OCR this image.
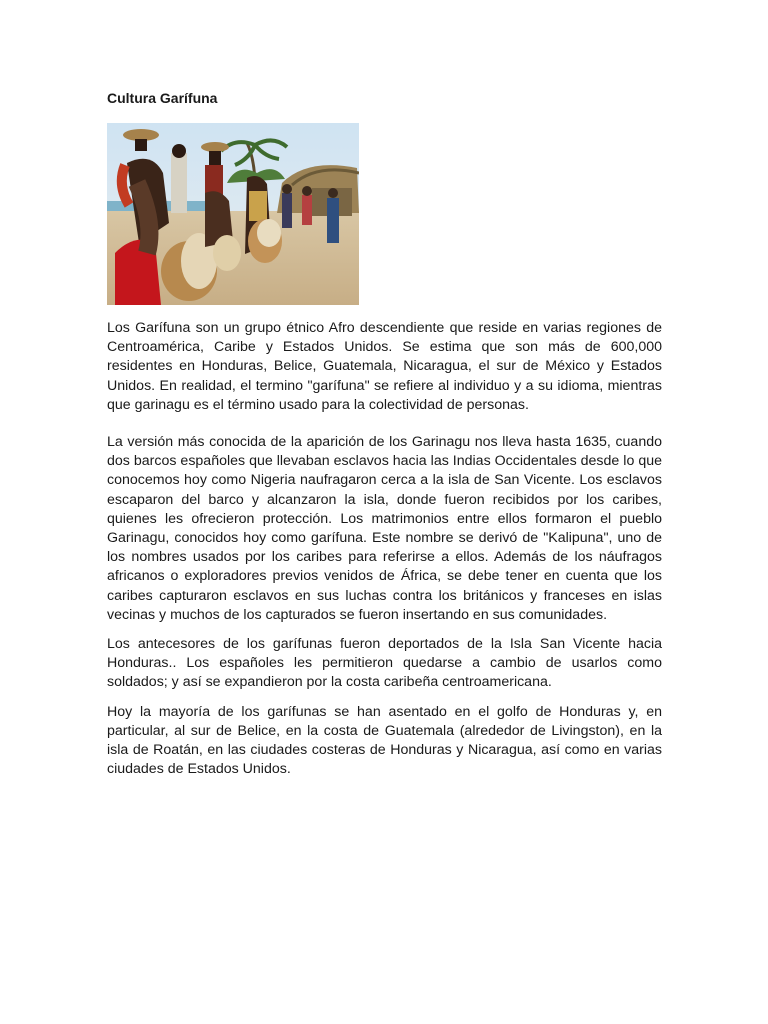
Cultura Garífuna

Los Garífuna son un grupo étnico Afro descendiente que reside en varias regiones de Centroamérica, Caribe y Estados Unidos. Se estima que son más de 600,000 residentes en Honduras, Belice, Guatemala, Nicaragua, el sur de México y Estados Unidos. En realidad, el termino "garífuna" se refiere al individuo y a su idioma, mientras que garinagu es el término usado para la colectividad de personas.

La versión más conocida de la aparición de los Garinagu nos lleva hasta 1635, cuando dos barcos españoles que llevaban esclavos hacia las Indias Occidentales desde lo que conocemos hoy como Nigeria naufragaron cerca a la isla de San Vicente. Los esclavos escaparon del barco y alcanzaron la isla, donde fueron recibidos por los caribes, quienes les ofrecieron protección. Los matrimonios entre ellos formaron el pueblo Garinagu, conocidos hoy como garífuna. Este nombre se derivó de "Kalipuna", uno de los nombres usados por los caribes para referirse a ellos. Además de los náufragos africanos o exploradores previos venidos de África, se debe tener en cuenta que los caribes capturaron esclavos en sus luchas contra los británicos y franceses en islas vecinas y muchos de los capturados se fueron insertando en sus comunidades.

Los antecesores de los garífunas fueron deportados de la Isla San Vicente hacia Honduras.. Los españoles les permitieron quedarse a cambio de usarlos como soldados; y así se expandieron por la costa caribeña centroamericana.

Hoy la mayoría de los garífunas se han asentado en el golfo de Honduras y, en particular, al sur de Belice, en la costa de Guatemala (alrededor de Livingston), en la isla de Roatán, en las ciudades costeras de Honduras y Nicaragua, así como en varias ciudades de Estados Unidos.
